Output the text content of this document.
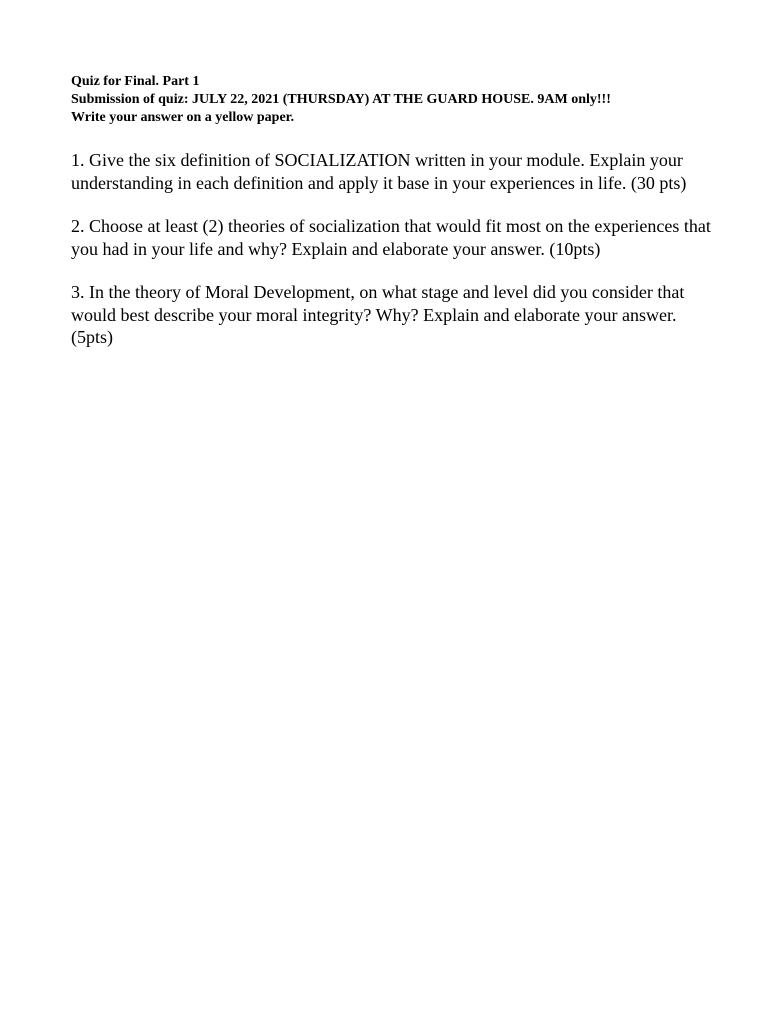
Quiz for Final. Part 1

Submission of quiz: JULY 22, 2021 (THURSDAY) AT THE GUARD HOUSE. 9AM only!!!

Write your answer on a yellow paper.

1. Give the six definition of SOCIALIZATION written in your module. Explain your understanding in each definition and apply it base in your experiences in life. (30 pts)

2. Choose at least (2) theories of socialization that would fit most on the experiences that you had in your life and why? Explain and elaborate your answer. (10pts)

3. In the theory of Moral Development, on what stage and level did you consider that would best describe your moral integrity? Why? Explain and elaborate your answer. (5pts)
